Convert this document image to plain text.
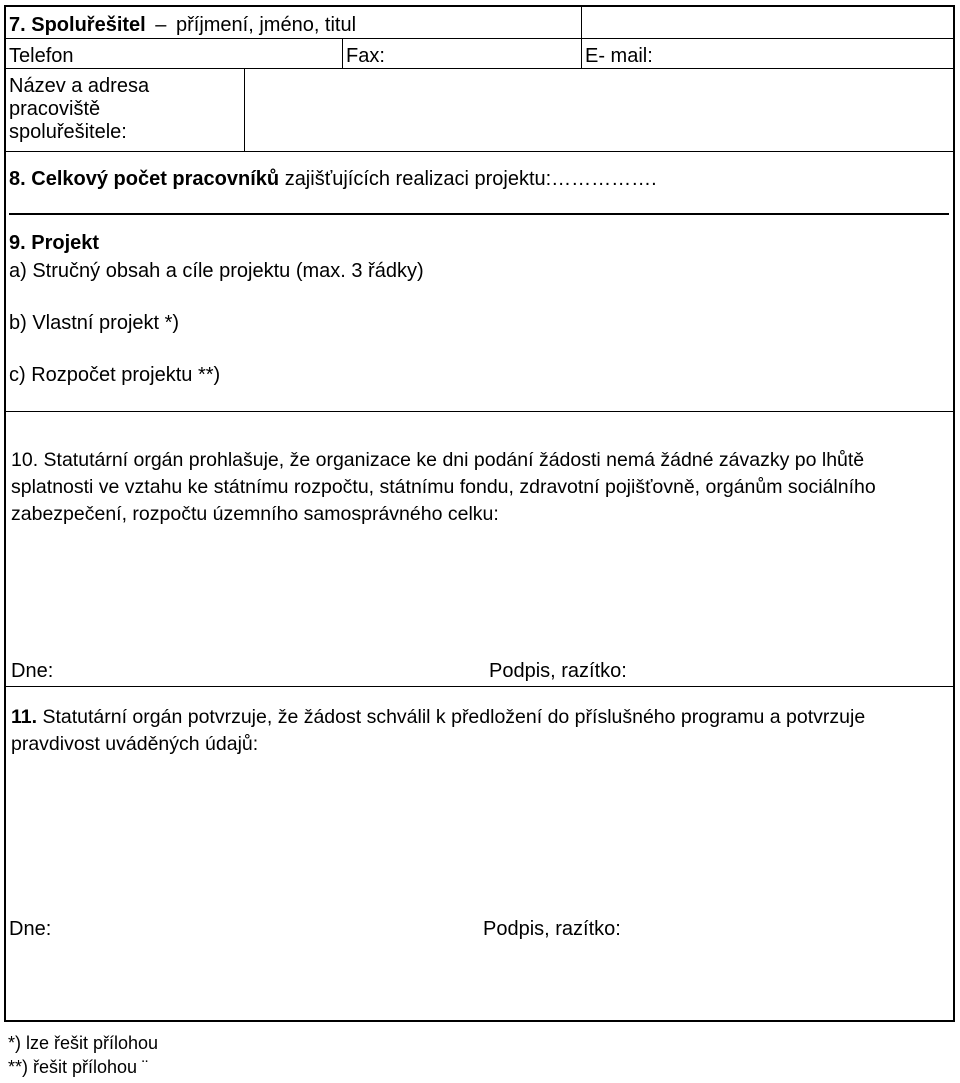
7. Spoluřešitel – příjmení, jméno, titul
Telefon	Fax:	E- mail:
Název a adresa
pracoviště
spoluřešitele:
8. Celkový počet pracovníků zajišťujících realizaci projektu:…………….
9. Projekt
a) Stručný obsah a cíle projektu (max. 3 řádky)
b) Vlastní projekt *)
c) Rozpočet projektu **)
10. Statutární orgán prohlašuje, že organizace ke dni podání žádosti nemá žádné závazky po lhůtě splatnosti ve vztahu ke státnímu rozpočtu, státnímu fondu, zdravotní pojišťovně, orgánům sociálního zabezpečení, rozpočtu územního samosprávného celku:
Dne:	Podpis, razítko:
11. Statutární orgán potvrzuje, že žádost schválil k předložení do příslušného programu a potvrzuje pravdivost uváděných údajů:
Dne:	Podpis, razítko:
*) lze řešit přílohou
**) řešit přílohou ¨
